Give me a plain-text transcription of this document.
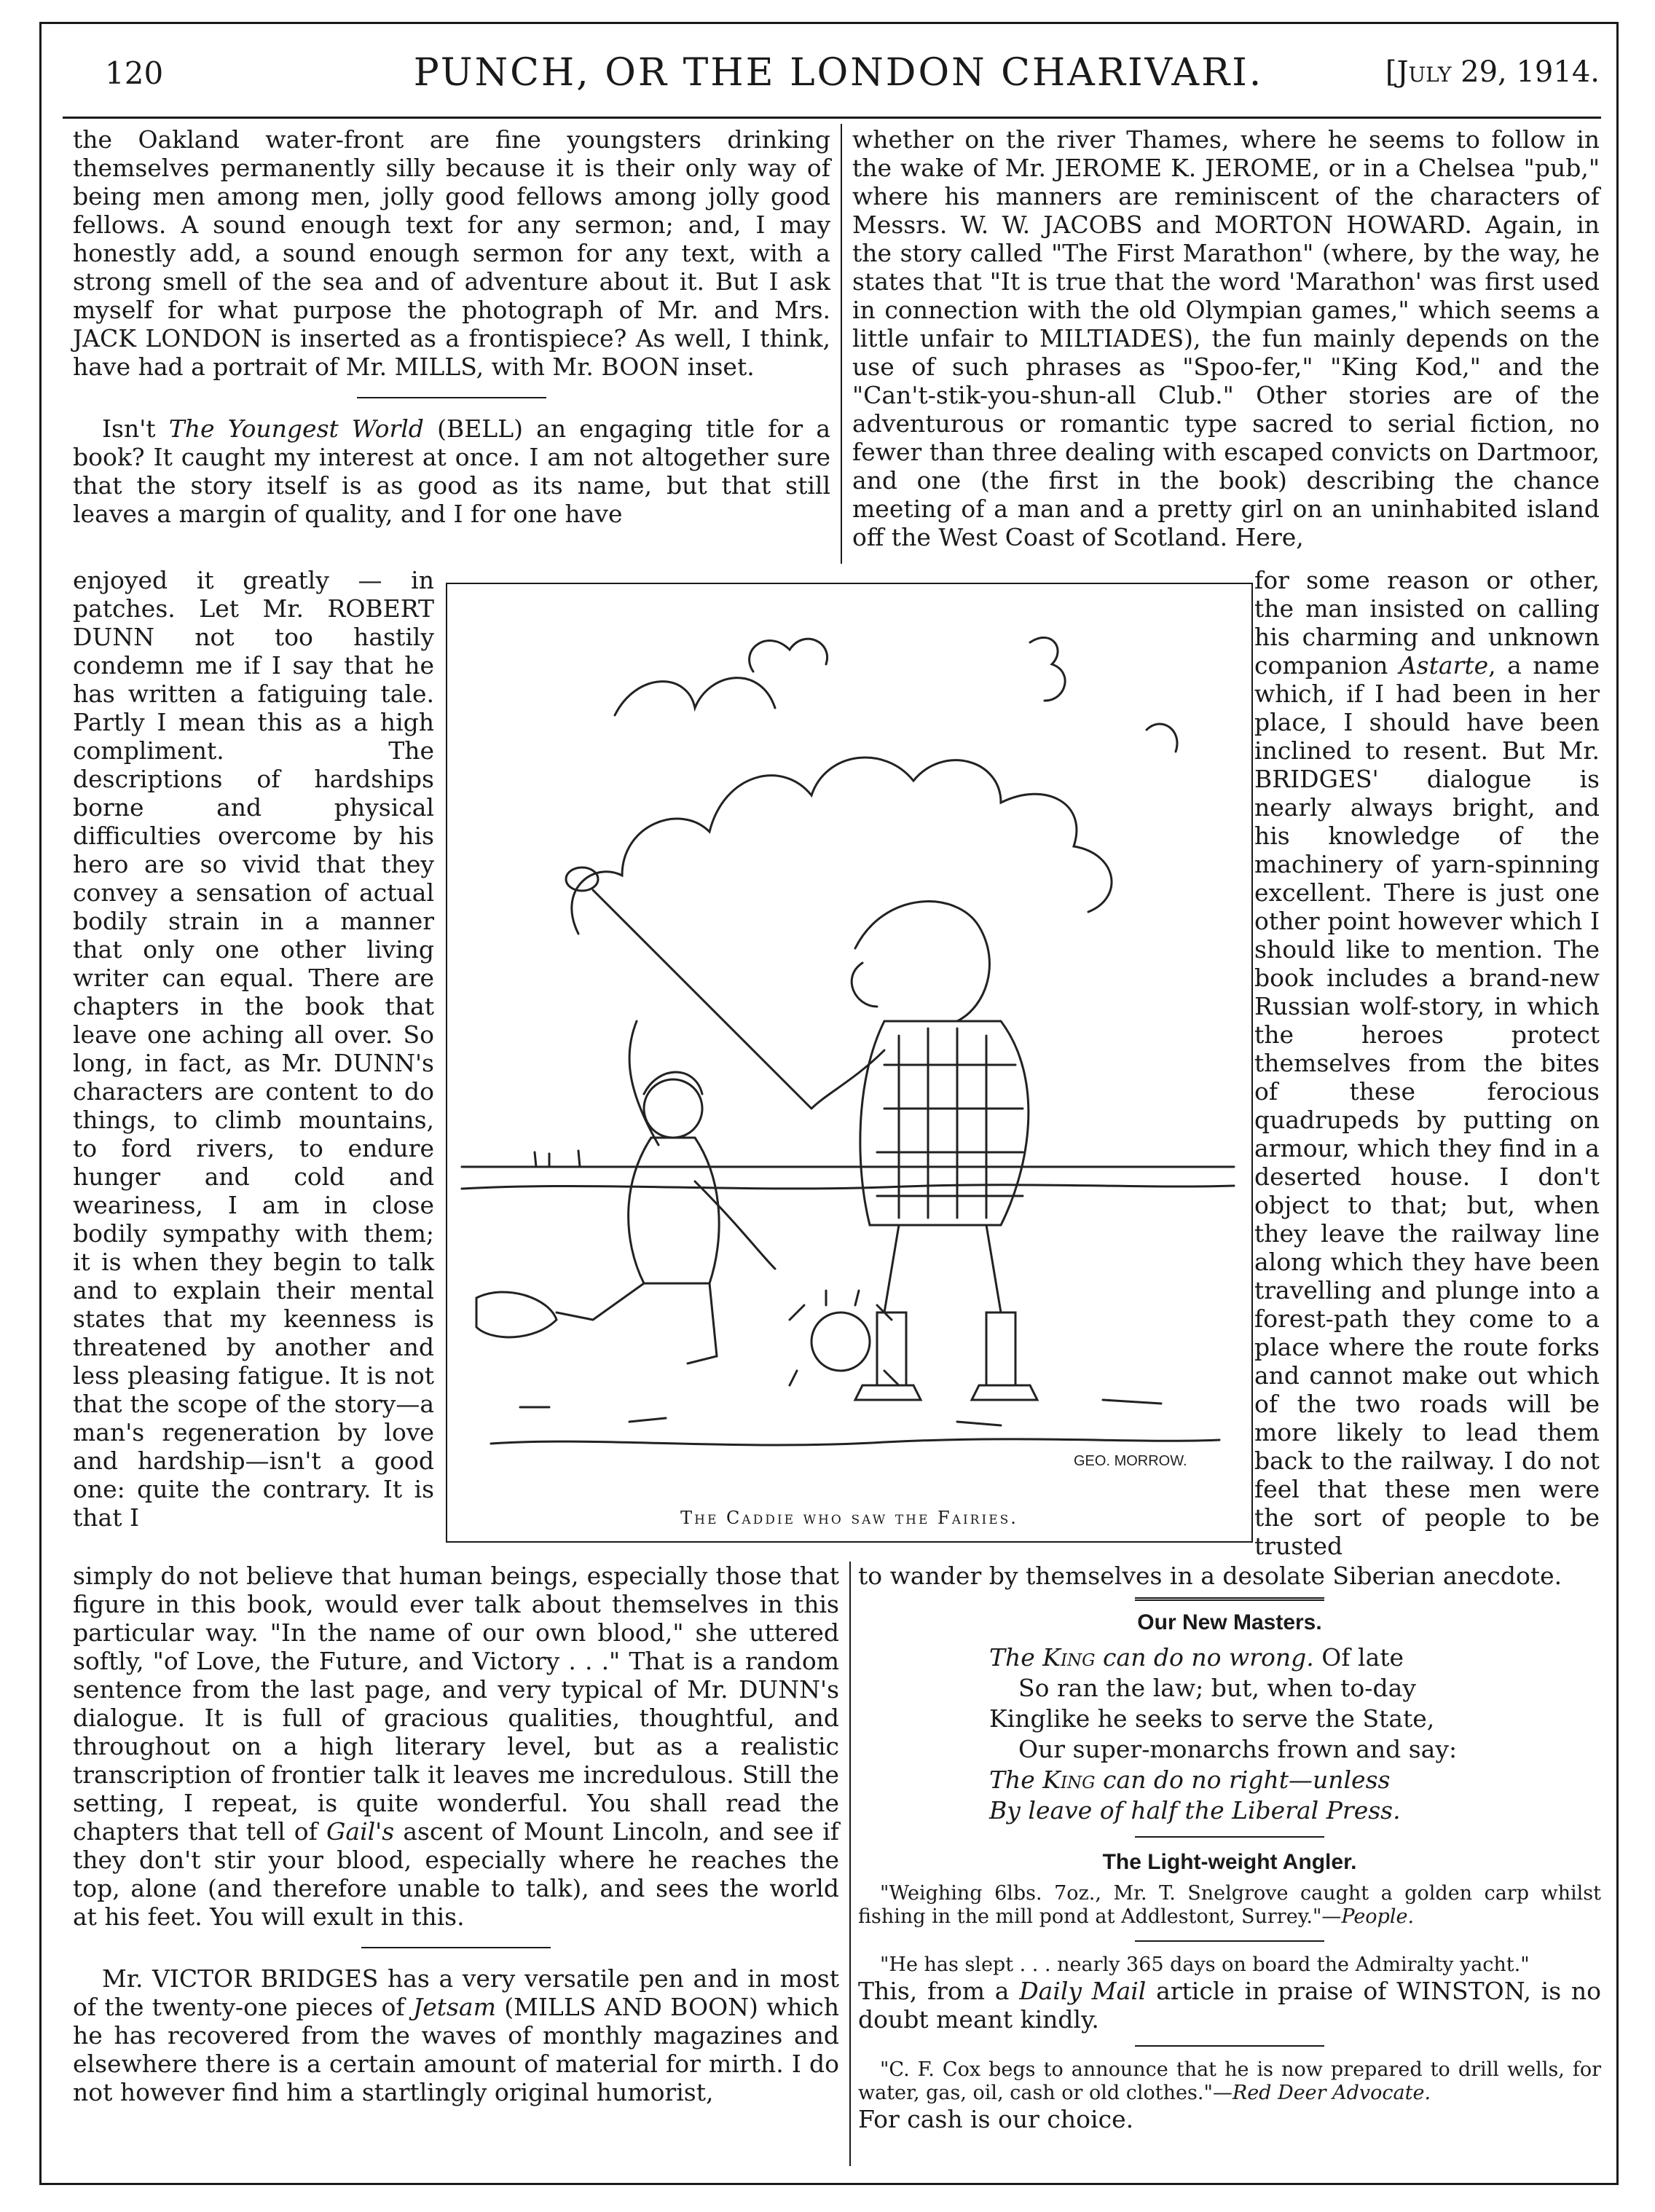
120	PUNCH, OR THE LONDON CHARIVARI.	[July 29, 1914.

the Oakland water-front are fine youngsters drinking themselves permanently silly because it is their only way of being men among men, jolly good fellows among jolly good fellows. A sound enough text for any sermon; and, I may honestly add, a sound enough sermon for any text, with a strong smell of the sea and of adventure about it. But I ask myself for what purpose the photograph of Mr. and Mrs. JACK LONDON is inserted as a frontispiece? As well, I think, have had a portrait of Mr. MILLS, with Mr. BOON inset.

Isn't The Youngest World (BELL) an engaging title for a book? It caught my interest at once. I am not altogether sure that the story itself is as good as its name, but that still leaves a margin of quality, and I for one have

enjoyed it greatly — in patches. Let Mr. ROBERT DUNN not too hastily condemn me if I say that he has written a fatiguing tale. Partly I mean this as a high compliment. The descriptions of hardships borne and physical difficulties overcome by his hero are so vivid that they convey a sensation of actual bodily strain in a manner that only one other living writer can equal. There are chapters in the book that leave one aching all over. So long, in fact, as Mr. DUNN's characters are content to do things, to climb mountains, to ford rivers, to endure hunger and cold and weariness, I am in close bodily sympathy with them; it is when they begin to talk and to explain their mental states that my keenness is threatened by another and less pleasing fatigue. It is not that the scope of the story—a man's regeneration by love and hardship—isn't a good one: quite the contrary. It is that I

GEO. MORROW.
The Caddie who saw the Fairies.

simply do not believe that human beings, especially those that figure in this book, would ever talk about themselves in this particular way. "In the name of our own blood," she uttered softly, "of Love, the Future, and Victory . . ." That is a random sentence from the last page, and very typical of Mr. DUNN's dialogue. It is full of gracious qualities, thoughtful, and throughout on a high literary level, but as a realistic transcription of frontier talk it leaves me incredulous. Still the setting, I repeat, is quite wonderful. You shall read the chapters that tell of Gail's ascent of Mount Lincoln, and see if they don't stir your blood, especially where he reaches the top, alone (and therefore unable to talk), and sees the world at his feet. You will exult in this.

Mr. VICTOR BRIDGES has a very versatile pen and in most of the twenty-one pieces of Jetsam (MILLS AND BOON) which he has recovered from the waves of monthly magazines and elsewhere there is a certain amount of material for mirth. I do not however find him a startlingly original humorist,

whether on the river Thames, where he seems to follow in the wake of Mr. JEROME K. JEROME, or in a Chelsea "pub," where his manners are reminiscent of the characters of Messrs. W. W. JACOBS and MORTON HOWARD. Again, in the story called "The First Marathon" (where, by the way, he states that "It is true that the word 'Marathon' was first used in connection with the old Olympian games," which seems a little unfair to MILTIADES), the fun mainly depends on the use of such phrases as "Spoo-fer," "King Kod," and the "Can't-stik-you-shun-all Club." Other stories are of the adventurous or romantic type sacred to serial fiction, no fewer than three dealing with escaped convicts on Dartmoor, and one (the first in the book) describing the chance meeting of a man and a pretty girl on an uninhabited island off the West Coast of Scotland. Here,

for some reason or other, the man insisted on calling his charming and unknown companion Astarte, a name which, if I had been in her place, I should have been inclined to resent. But Mr. BRIDGES' dialogue is nearly always bright, and his knowledge of the machinery of yarn-spinning excellent. There is just one other point however which I should like to mention. The book includes a brand-new Russian wolf-story, in which the heroes protect themselves from the bites of these ferocious quadrupeds by putting on armour, which they find in a deserted house. I don't object to that; but, when they leave the railway line along which they have been travelling and plunge into a forest-path they come to a place where the route forks and cannot make out which of the two roads will be more likely to lead them back to the railway. I do not feel that these men were the sort of people to be trusted

to wander by themselves in a desolate Siberian anecdote.

Our New Masters.

The King can do no wrong. Of late

So ran the law; but, when to-day

Kinglike he seeks to serve the State,

Our super-monarchs frown and say:

The King can do no right—unless

By leave of half the Liberal Press.

The Light-weight Angler.

"Weighing 6lbs. 7oz., Mr. T. Snelgrove caught a golden carp whilst fishing in the mill pond at Addlestont, Surrey."—People.

"He has slept . . . nearly 365 days on board the Admiralty yacht."

This, from a Daily Mail article in praise of WINSTON, is no doubt meant kindly.

"C. F. Cox begs to announce that he is now prepared to drill wells, for water, gas, oil, cash or old clothes."—Red Deer Advocate.

For cash is our choice.
